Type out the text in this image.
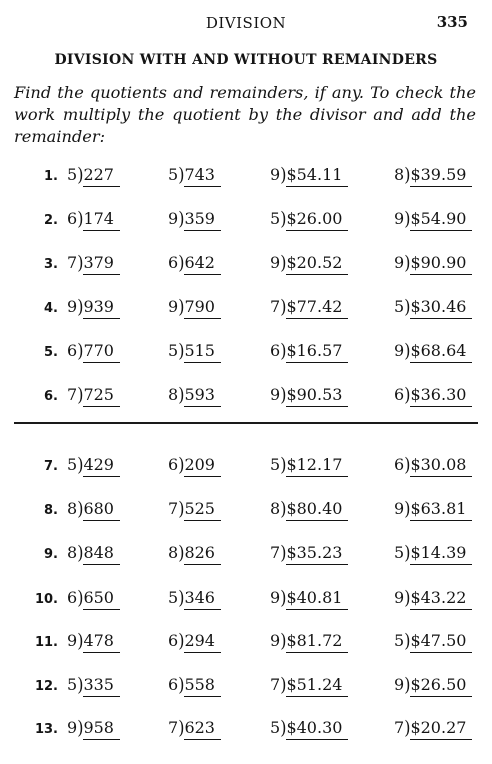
DIVISION	335
DIVISION WITH AND WITHOUT REMAINDERS
Find the quotients and remainders, if any. To check the work multiply the quotient by the divisor and add the remainder:
1. 5)227	5)743	9)$54.11	8)$39.59
2. 6)174	9)359	5)$26.00	9)$54.90
3. 7)379	6)642	9)$20.52	9)$90.90
4. 9)939	9)790	7)$77.42	5)$30.46
5. 6)770	5)515	6)$16.57	9)$68.64
6. 7)725	8)593	9)$90.53	6)$36.30
7. 5)429	6)209	5)$12.17	6)$30.08
8. 8)680	7)525	8)$80.40	9)$63.81
9. 8)848	8)826	7)$35.23	5)$14.39
10. 6)650	5)346	9)$40.81	9)$43.22
11. 9)478	6)294	9)$81.72	5)$47.50
12. 5)335	6)558	7)$51.24	9)$26.50
13. 9)958	7)623	5)$40.30	7)$20.27
